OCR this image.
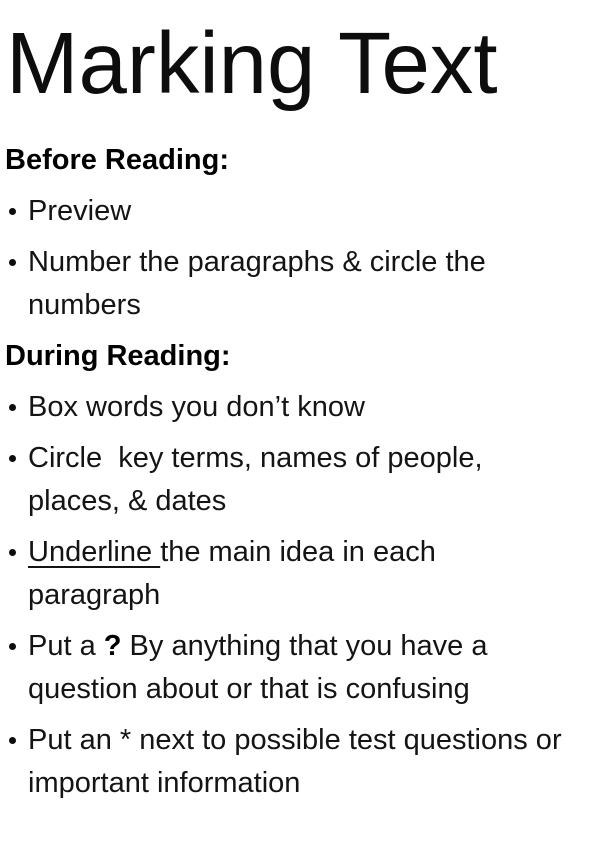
Marking Text
Before Reading:
Preview
Number the paragraphs & circle the
numbers
During Reading:
Box words you don’t know
Circle  key terms, names of people,
places, & dates
Underline the main idea in each
paragraph
Put a ? By anything that you have a
question about or that is confusing
Put an * next to possible test questions or
important information
